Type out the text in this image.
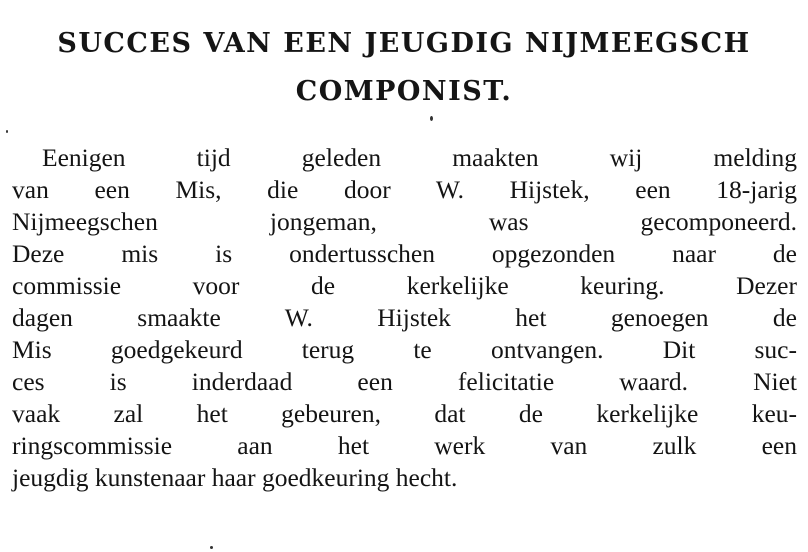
SUCCES VAN EEN JEUGDIG NIJMEEGSCH
COMPONIST.
Eenigen tijd geleden maakten wij melding
van een Mis, die door W. Hijstek, een 18-jarig
Nijmeegschen jongeman, was gecomponeerd.
Deze mis is ondertusschen opgezonden naar de
commissie voor de kerkelijke keuring. Dezer
dagen smaakte W. Hijstek het genoegen de
Mis goedgekeurd terug te ontvangen. Dit suc-
ces is inderdaad een felicitatie waard. Niet
vaak zal het gebeuren, dat de kerkelijke keu-
ringscommissie aan het werk van zulk een
jeugdig kunstenaar haar goedkeuring hecht.
